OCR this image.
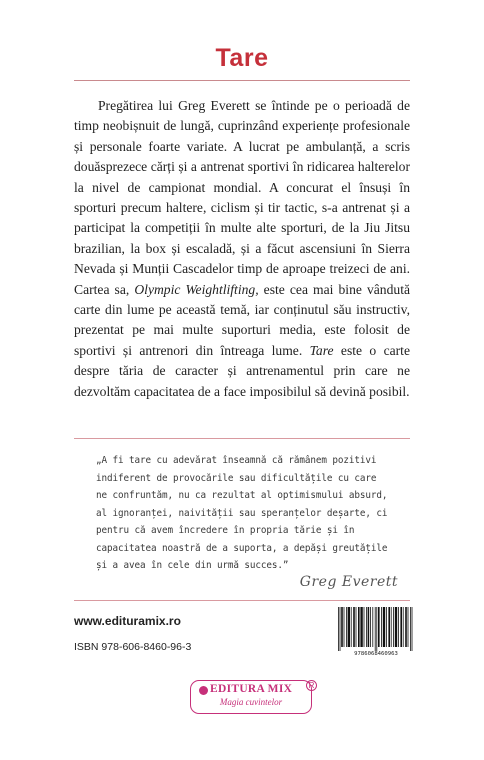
Tare

Pregătirea lui Greg Everett se întinde pe o perioadă de timp neobișnuit de lungă, cuprinzând experiențe profesionale și personale foarte variate. A lucrat pe ambulanță, a scris douăsprezece cărți și a antrenat sportivi în ridicarea halterelor la nivel de campionat mondial. A concurat el însuși în sporturi precum haltere, ciclism și tir tactic, s-a antrenat și a participat la competiții în multe alte sporturi, de la Jiu Jitsu brazilian, la box și escaladă, și a făcut ascensiuni în Sierra Nevada și Munții Cascadelor timp de aproape treizeci de ani. Cartea sa, Olympic Weightlifting, este cea mai bine vândută carte din lume pe această temă, iar conținutul său instructiv, prezentat pe mai multe suporturi media, este folosit de sportivi și antrenori din întreaga lume. Tare este o carte despre tăria de caracter și antrenamentul prin care ne dezvoltăm capacitatea de a face imposibilul să devină posibil.

„A fi tare cu adevărat înseamnă că rămânem pozitivi indiferent de provocările sau dificultățile cu care ne confruntăm, nu ca rezultat al optimismului absurd, al ignoranței, naivității sau speranțelor deșarte, ci pentru că avem încredere în propria tărie și în capacitatea noastră de a suporta, a depăși greutățile și a avea în cele din urmă succes.”

Greg Everett
www.edituramix.ro
ISBN 978-606-8460-96-3
9786068460963
EDITURA MIX
Magia cuvintelor
R
